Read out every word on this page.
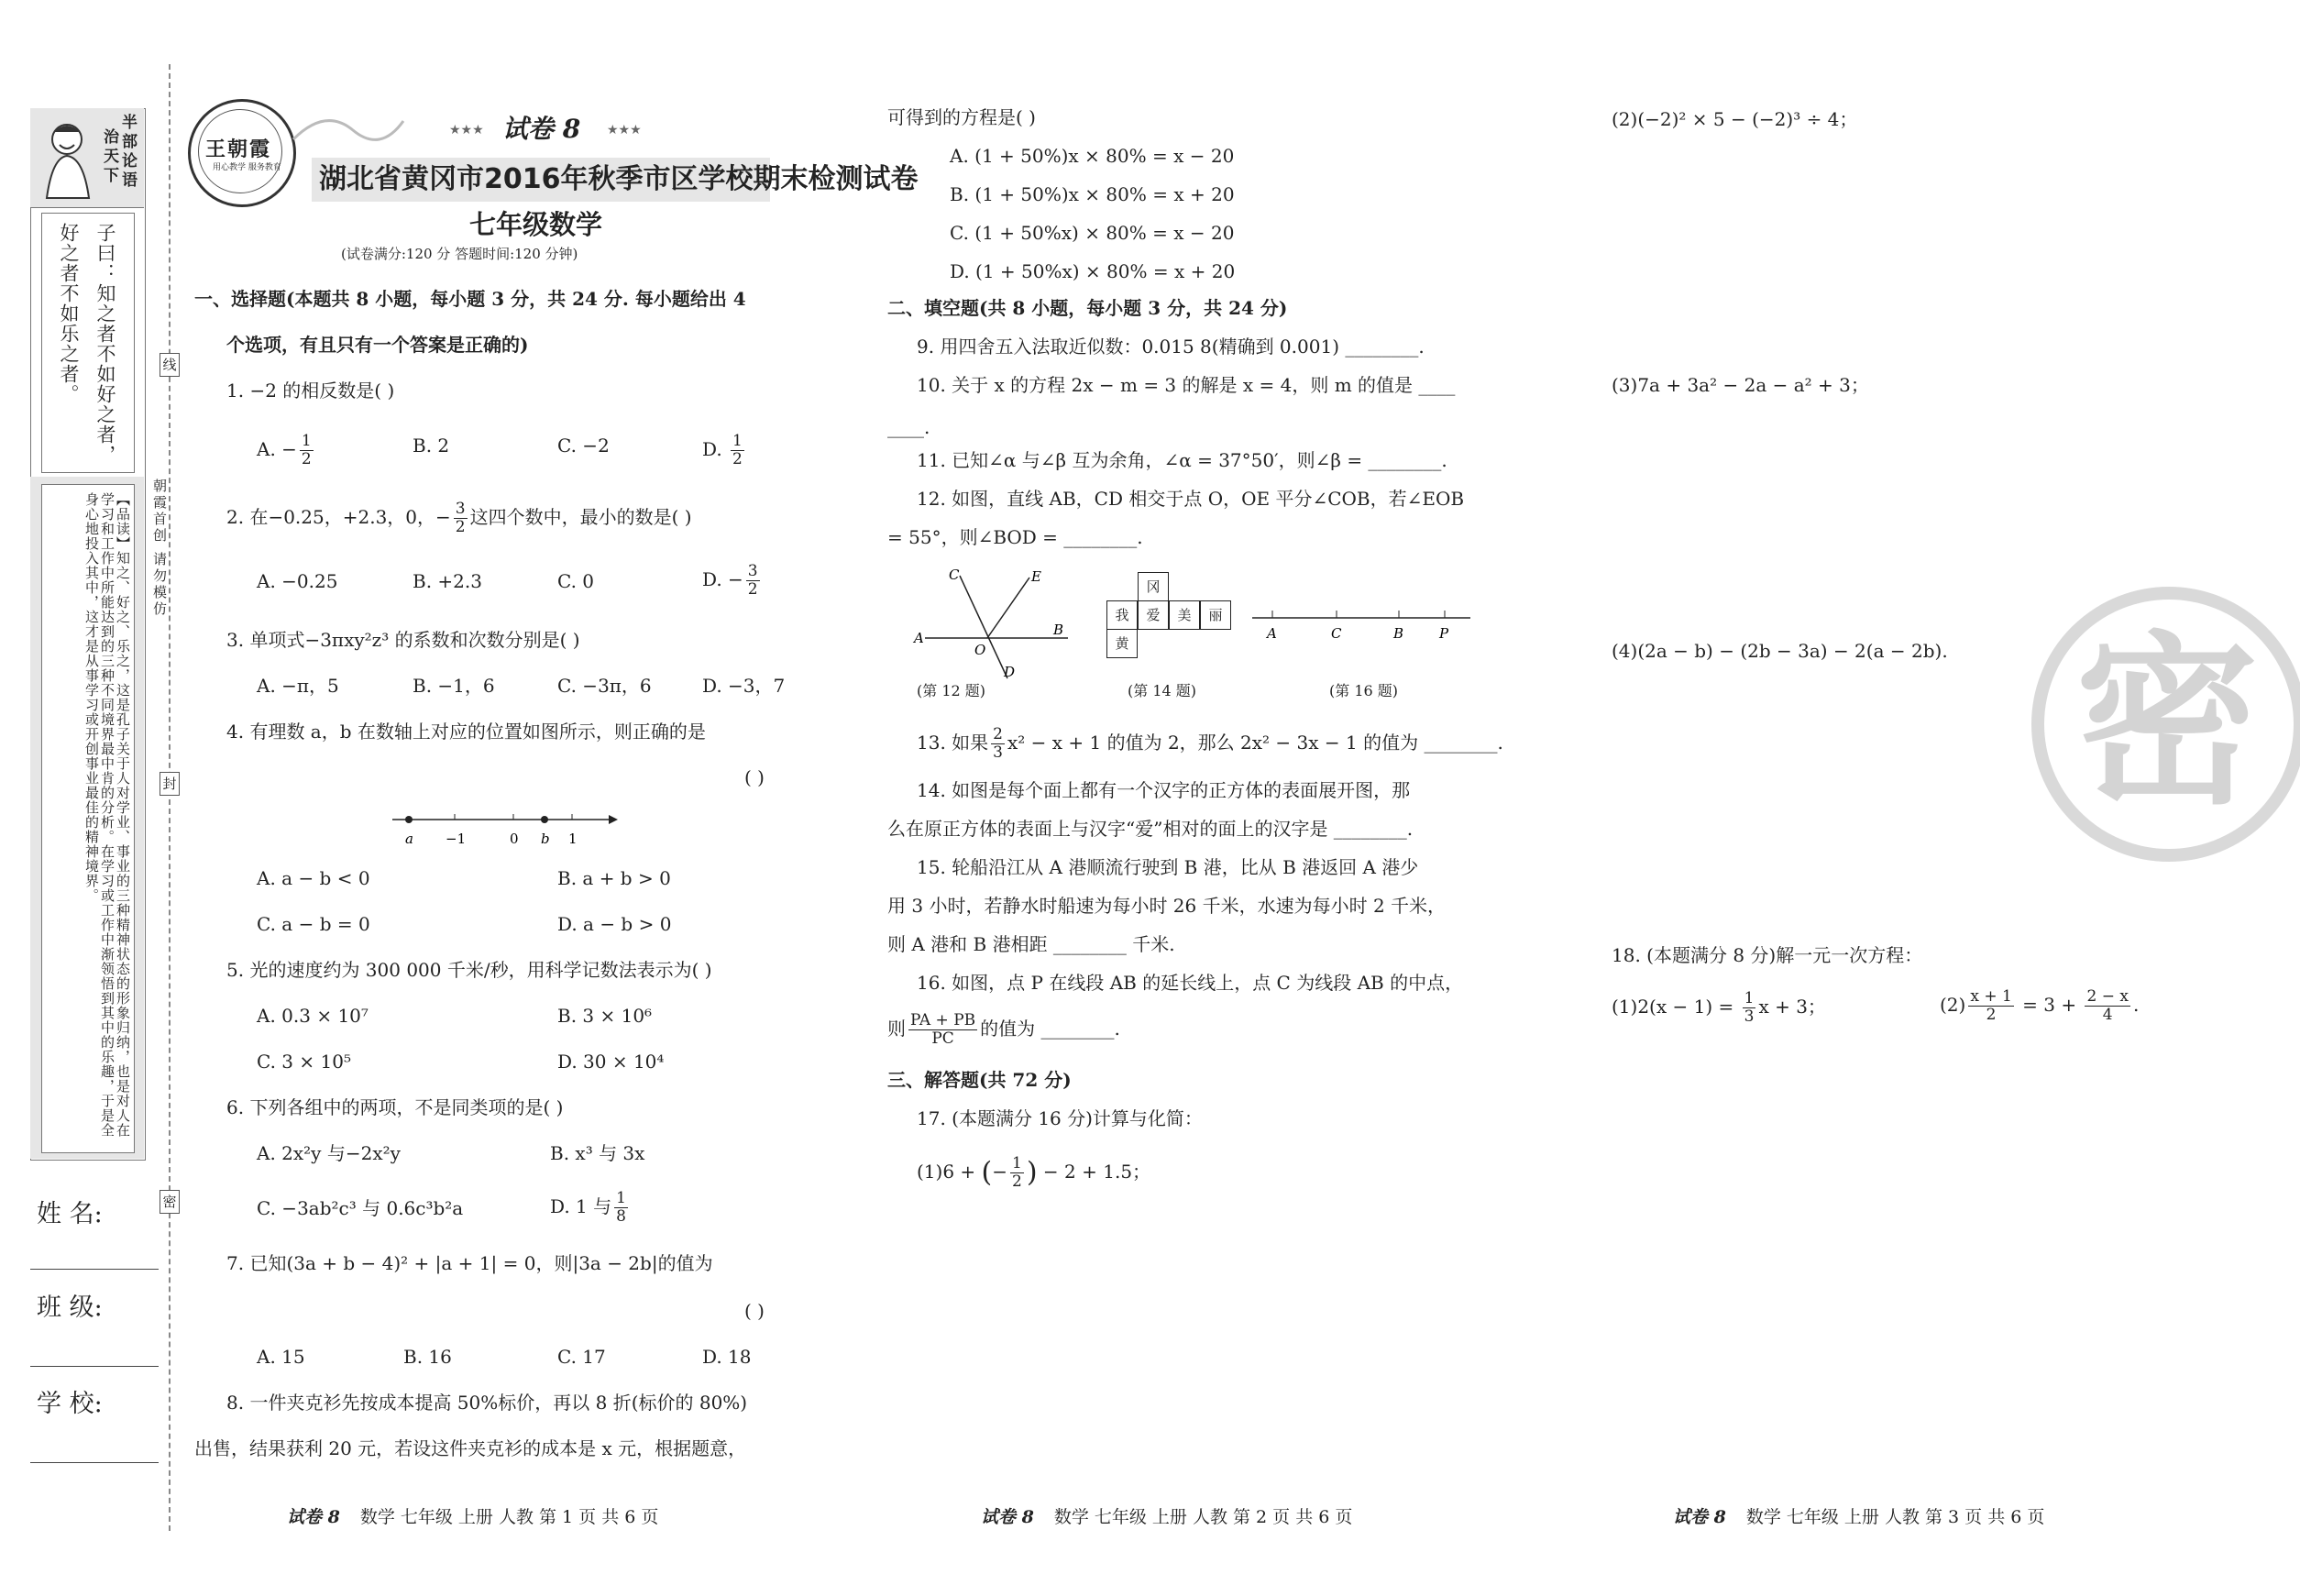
半部论语
治天下
子曰：知之者不如好之者，
好之者不如乐之者。
【品读】知之、好之、乐之，这是孔子关于人对学业、事业的三种精神状态的形象归纳，也是对人在学习和工作中所能达到的三种不同境界最中肯的分析。在学习或工作中渐领悟到其中的乐趣，于是全身心地投入其中，这才是从事学习或开创事业最佳的精神境界。
姓 名:
班 级:
学 校:
线
封
密
朝霞首创 请勿模仿
王朝霞
用心教学 服务教育
★★★ 试卷 8 ★★★
湖北省黄冈市2016年秋季市区学校期末检测试卷
七年级数学
(试卷满分:120 分 答题时间:120 分钟)
一、选择题(本题共 8 小题，每小题 3 分，共 24 分. 每小题给出 4
个选项，有且只有一个答案是正确的)
1. −2 的相反数是( )
A. − $\frac{1}{2}$	B. 2	C. −2	D. $\frac{1}{2}$
2. 在−0.25，+2.3，0，− $\frac{3}{2}$ 这四个数中，最小的数是( )
A. −0.25	B. +2.3	C. 0	D. − $\frac{3}{2}$
3. 单项式−3πxy²z³ 的系数和次数分别是( )
A. −π，5	B. −1，6	C. −3π，6	D. −3，7
4. 有理数 a，b 在数轴上对应的位置如图所示，则正确的是
( )
a −1	0 b 1
A. a − b < 0	B. a + b > 0
C. a − b = 0	D. a − b > 0
5. 光的速度约为 300 000 千米/秒，用科学记数法表示为( )
A. 0.3 × 10⁷	B. 3 × 10⁶
C. 3 × 10⁵	D. 30 × 10⁴
6. 下列各组中的两项，不是同类项的是( )
A. 2x²y 与−2x²y	B. x³ 与 3x
C. −3ab²c³ 与 0.6c³b²a	D. 1 与 $\frac{1}{8}$
7. 已知(3a + b − 4)² + |a + 1| = 0，则|3a − 2b|的值为
( )
A. 15	B. 16	C. 17	D. 18
8. 一件夹克衫先按成本提高 50%标价，再以 8 折(标价的 80%)
出售，结果获利 20 元，若设这件夹克衫的成本是 x 元，根据题意，
可得到的方程是( )
A. (1 + 50%)x × 80% = x − 20
B. (1 + 50%)x × 80% = x + 20
C. (1 + 50%x) × 80% = x − 20
D. (1 + 50%x) × 80% = x + 20
二、填空题(共 8 小题，每小题 3 分，共 24 分)
9. 用四舍五入法取近似数：0.015 8(精确到 0.001) ________.
10. 关于 x 的方程 2x − m = 3 的解是 x = 4，则 m 的值是 ____
____.
11. 已知∠α 与∠β 互为余角，∠α = 37°50′，则∠β = ________.
12. 如图，直线 AB，CD 相交于点 O，OE 平分∠COB，若∠EOB
= 55°，则∠BOD = ________.
C	E
A
O
B
D
冈
我	爱	美	丽
黄
A	C	B	P
(第 12 题)	(第 14 题)	(第 16 题)
13. 如果 $\frac{2}{3} x^2 - x + 1$ 的值为 2，那么 2x² − 3x − 1 的值为 ________.
14. 如图是每个面上都有一个汉字的正方体的表面展开图，那
么在原正方体的表面上与汉字“爱”相对的面上的汉字是 ________.
15. 轮船沿江从 A 港顺流行驶到 B 港，比从 B 港返回 A 港少
用 3 小时，若静水时船速为每小时 26 千米，水速为每小时 2 千米，
则 A 港和 B 港相距 ________ 千米.
16. 如图，点 P 在线段 AB 的延长线上，点 C 为线段 AB 的中点，
则 $\frac{PA + PB}{PC}$ 的值为 ________.
三、解答题(共 72 分)
17. (本题满分 16 分)计算与化简：
(1)6 + (− $\frac{1}{2}$ ) − 2 + 1.5；
(2)(−2)² × 5 − (−2)³ ÷ 4；
(3)7a + 3a² − 2a − a² + 3；
(4)(2a − b) − (2b − 3a) − 2(a − 2b).
18. (本题满分 8 分)解一元一次方程：
$(1)2(x - 1) = \frac{1}{3}$ x + 3；	$(2) \frac{x + 1}{2} = 3 + \frac{2 - x}{4}$ .
密
试卷 8 数学 七年级 上册 人教 第 1 页 共 6 页	试卷 8 数学 七年级 上册 人教 第 2 页 共 6 页	试卷 8 数学 七年级 上册 人教 第 3 页 共 6 页
